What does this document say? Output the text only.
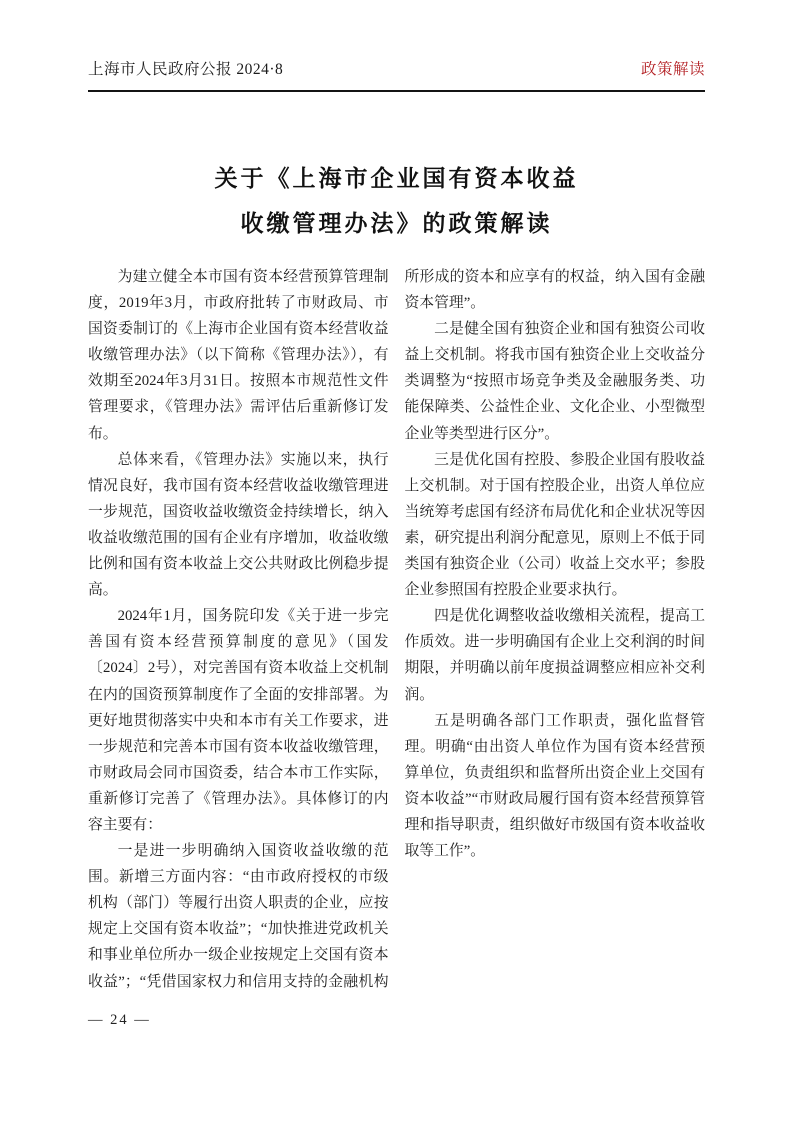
上海市人民政府公报 2024·8	政策解读
关于《上海市企业国有资本收益
收缴管理办法》的政策解读

为建立健全本市国有资本经营预算管理制度，2019年3月，市政府批转了市财政局、市国资委制订的《上海市企业国有资本经营收益收缴管理办法》（以下简称《管理办法》），有效期至2024年3月31日。按照本市规范性文件管理要求，《管理办法》需评估后重新修订发布。

总体来看，《管理办法》实施以来，执行情况良好，我市国有资本经营收益收缴管理进一步规范，国资收益收缴资金持续增长，纳入收益收缴范围的国有企业有序增加，收益收缴比例和国有资本收益上交公共财政比例稳步提高。

2024年1月，国务院印发《关于进一步完善国有资本经营预算制度的意见》（国发〔2024〕2号），对完善国有资本收益上交机制在内的国资预算制度作了全面的安排部署。为更好地贯彻落实中央和本市有关工作要求，进一步规范和完善本市国有资本收益收缴管理，市财政局会同市国资委，结合本市工作实际，重新修订完善了《管理办法》。具体修订的内容主要有：

一是进一步明确纳入国资收益收缴的范围。新增三方面内容：“由市政府授权的市级机构（部门）等履行出资人职责的企业，应按规定上交国有资本收益”；“加快推进党政机关和事业单位所办一级企业按规定上交国有资本收益”；“凭借国家权力和信用支持的金融机构所形成的资本和应享有的权益，纳入国有金融资本管理”。

二是健全国有独资企业和国有独资公司收益上交机制。将我市国有独资企业上交收益分类调整为“按照市场竞争类及金融服务类、功能保障类、公益性企业、文化企业、小型微型企业等类型进行区分”。

三是优化国有控股、参股企业国有股收益上交机制。对于国有控股企业，出资人单位应当统筹考虑国有经济布局优化和企业状况等因素，研究提出利润分配意见，原则上不低于同类国有独资企业（公司）收益上交水平；参股企业参照国有控股企业要求执行。

四是优化调整收益收缴相关流程，提高工作质效。进一步明确国有企业上交利润的时间期限，并明确以前年度损益调整应相应补交利润。

五是明确各部门工作职责，强化监督管理。明确“由出资人单位作为国有资本经营预算单位，负责组织和监督所出资企业上交国有资本收益”“市财政局履行国有资本经营预算管理和指导职责，组织做好市级国有资本收益收取等工作”。

— 24 —
